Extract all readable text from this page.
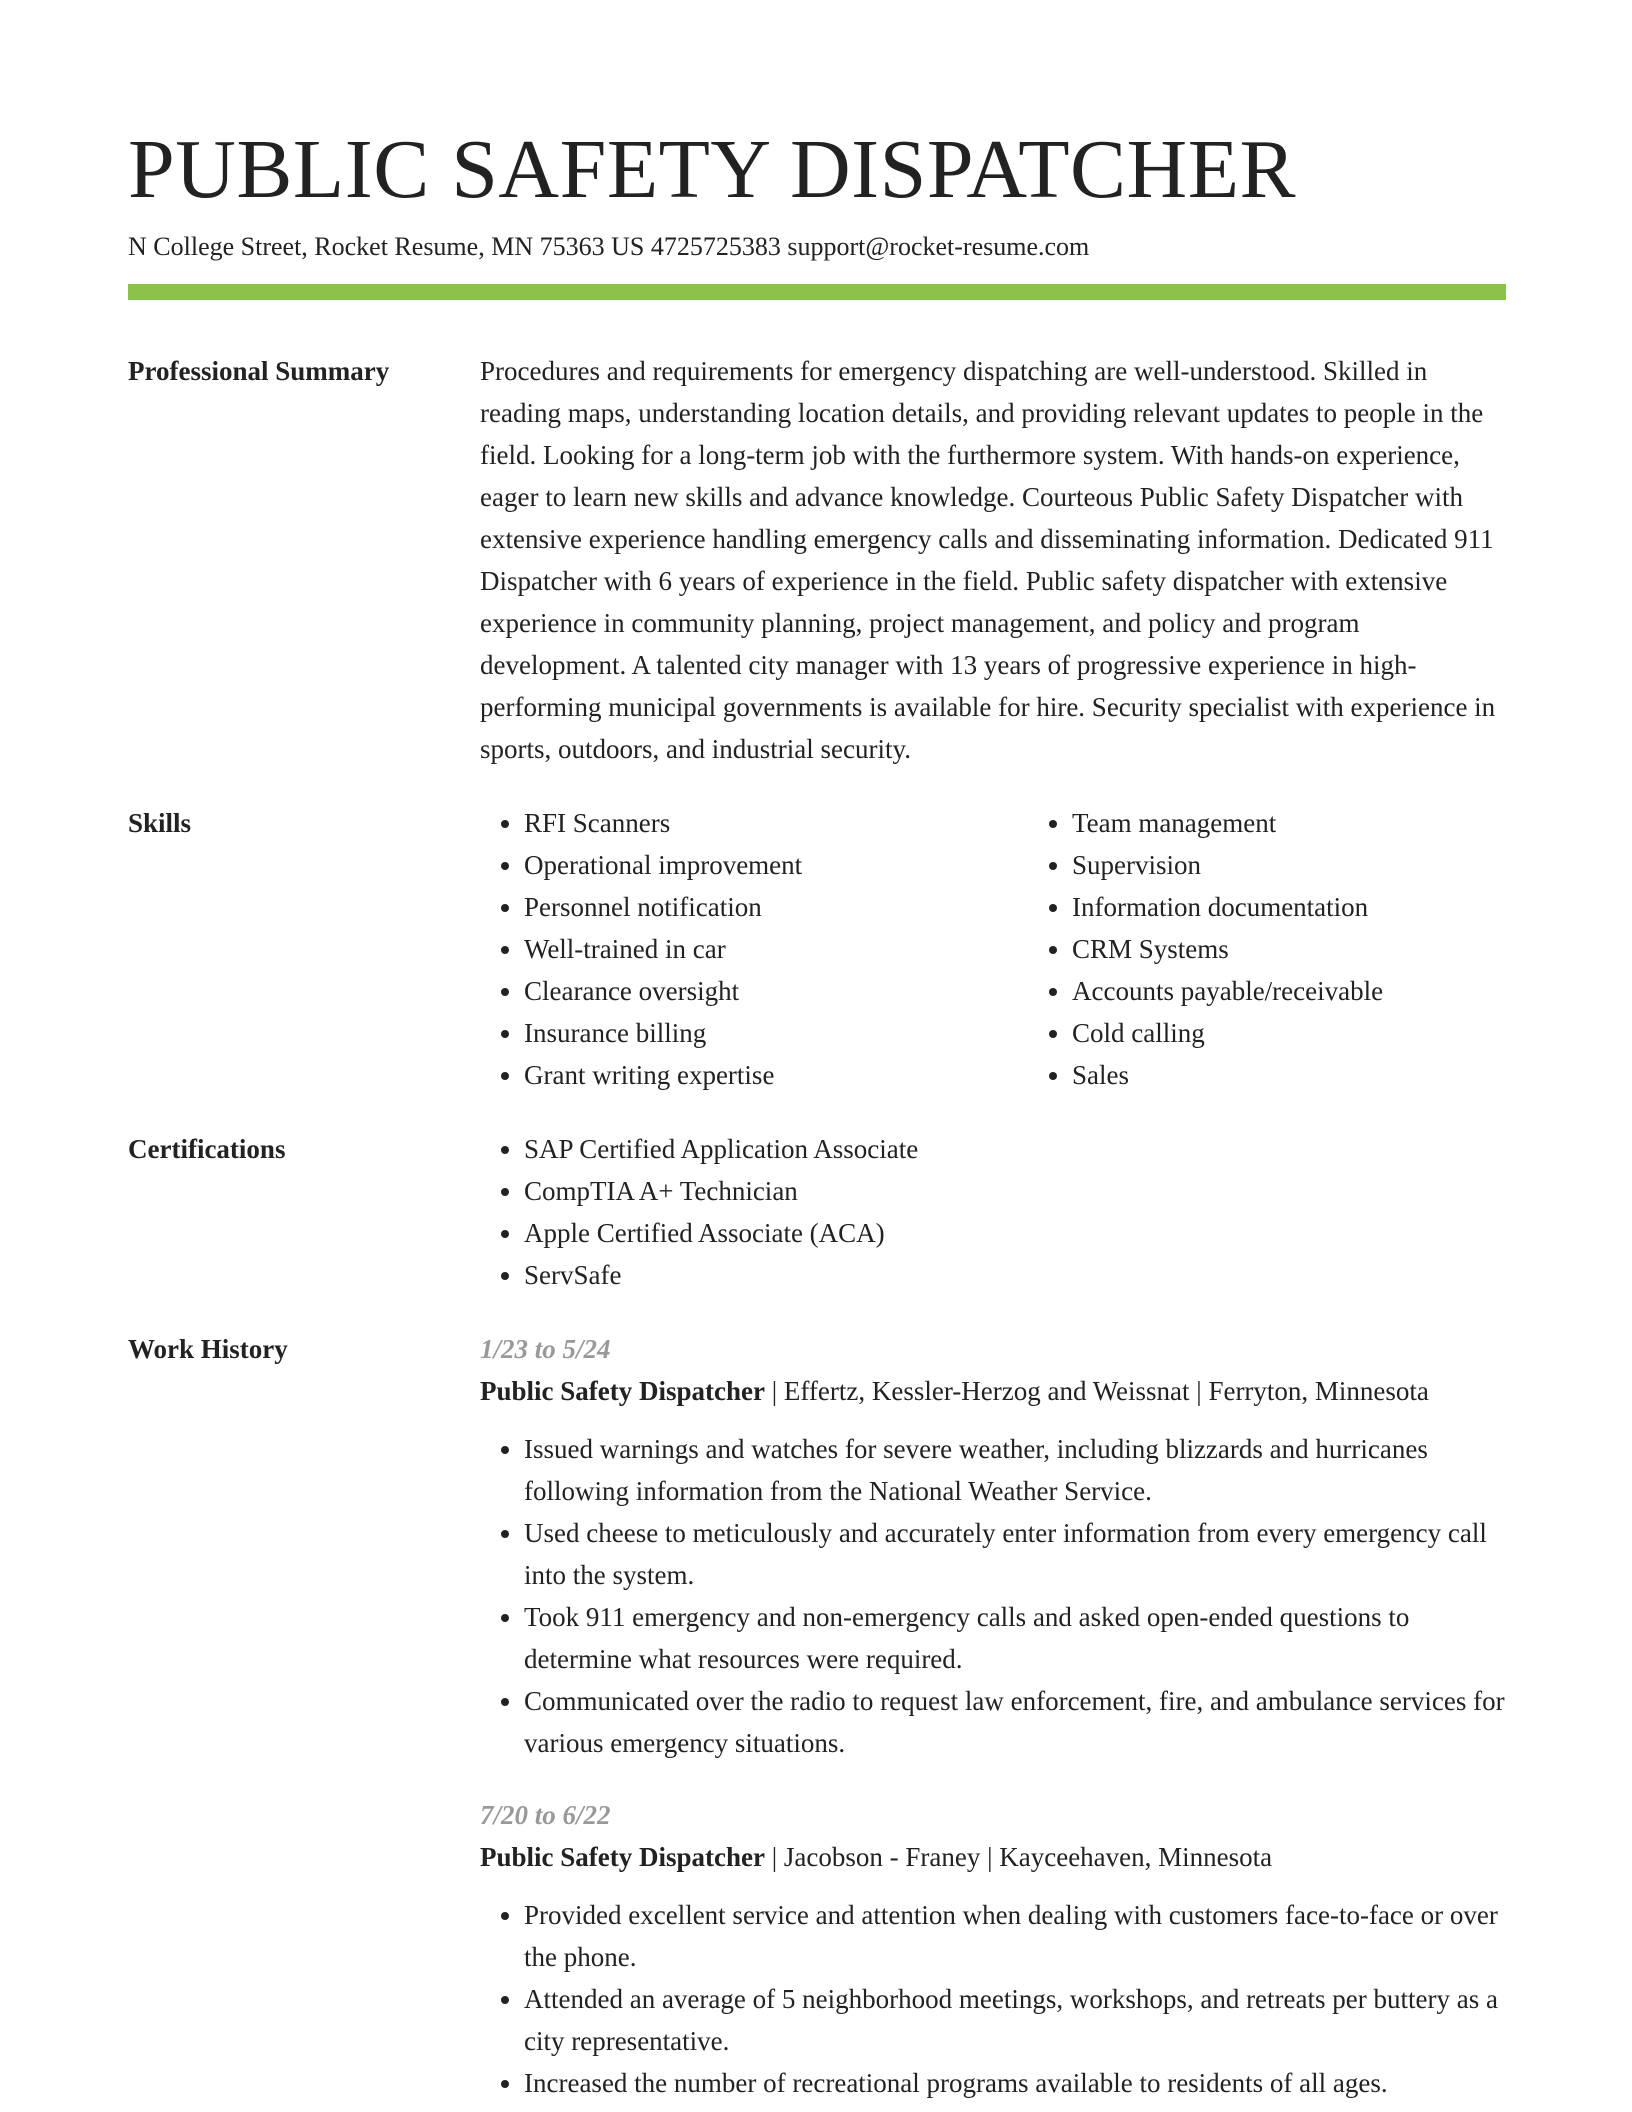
PUBLIC SAFETY DISPATCHER
N College Street, Rocket Resume, MN 75363 US 4725725383 support@rocket-resume.com
Professional Summary	Procedures and requirements for emergency dispatching are well-understood. Skilled in reading maps, understanding location details, and providing relevant updates to people in the field. Looking for a long-term job with the furthermore system. With hands-on experience, eager to learn new skills and advance knowledge. Courteous Public Safety Dispatcher with extensive experience handling emergency calls and disseminating information. Dedicated 911 Dispatcher with 6 years of experience in the field. Public safety dispatcher with extensive experience in community planning, project management, and policy and program development. A talented city manager with 13 years of progressive experience in high-performing municipal governments is available for hire. Security specialist with experience in sports, outdoors, and industrial security.
Skills	• RFI Scanners
• Operational improvement
• Personnel notification
• Well-trained in car
• Clearance oversight
• Insurance billing
• Grant writing expertise
• Team management
• Supervision
• Information documentation
• CRM Systems
• Accounts payable/receivable
• Cold calling
• Sales
Certifications	• SAP Certified Application Associate
• CompTIA A+ Technician
• Apple Certified Associate (ACA)
• ServSafe
Work History	1/23 to 5/24
Public Safety Dispatcher | Effertz, Kessler-Herzog and Weissnat | Ferryton, Minnesota
• Issued warnings and watches for severe weather, including blizzards and hurricanes following information from the National Weather Service.
• Used cheese to meticulously and accurately enter information from every emergency call into the system.
• Took 911 emergency and non-emergency calls and asked open-ended questions to determine what resources were required.
• Communicated over the radio to request law enforcement, fire, and ambulance services for various emergency situations.
7/20 to 6/22
Public Safety Dispatcher | Jacobson - Franey | Kayceehaven, Minnesota
• Provided excellent service and attention when dealing with customers face-to-face or over the phone.
• Attended an average of 5 neighborhood meetings, workshops, and retreats per buttery as a city representative.
• Increased the number of recreational programs available to residents of all ages.
